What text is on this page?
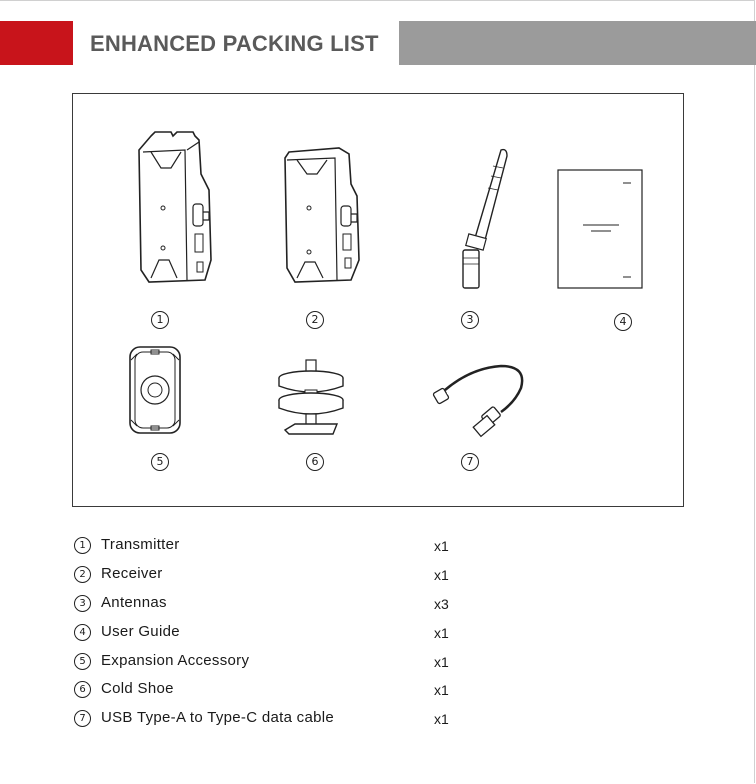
ENHANCED PACKING LIST
1	2	3	4
5	6	7
1	Transmitter	x1
2	Receiver	x1
3	Antennas	x3
4	User Guide	x1
5	Expansion Accessory	x1
6	Cold Shoe	x1
7	USB Type-A to Type-C data cable	x1
